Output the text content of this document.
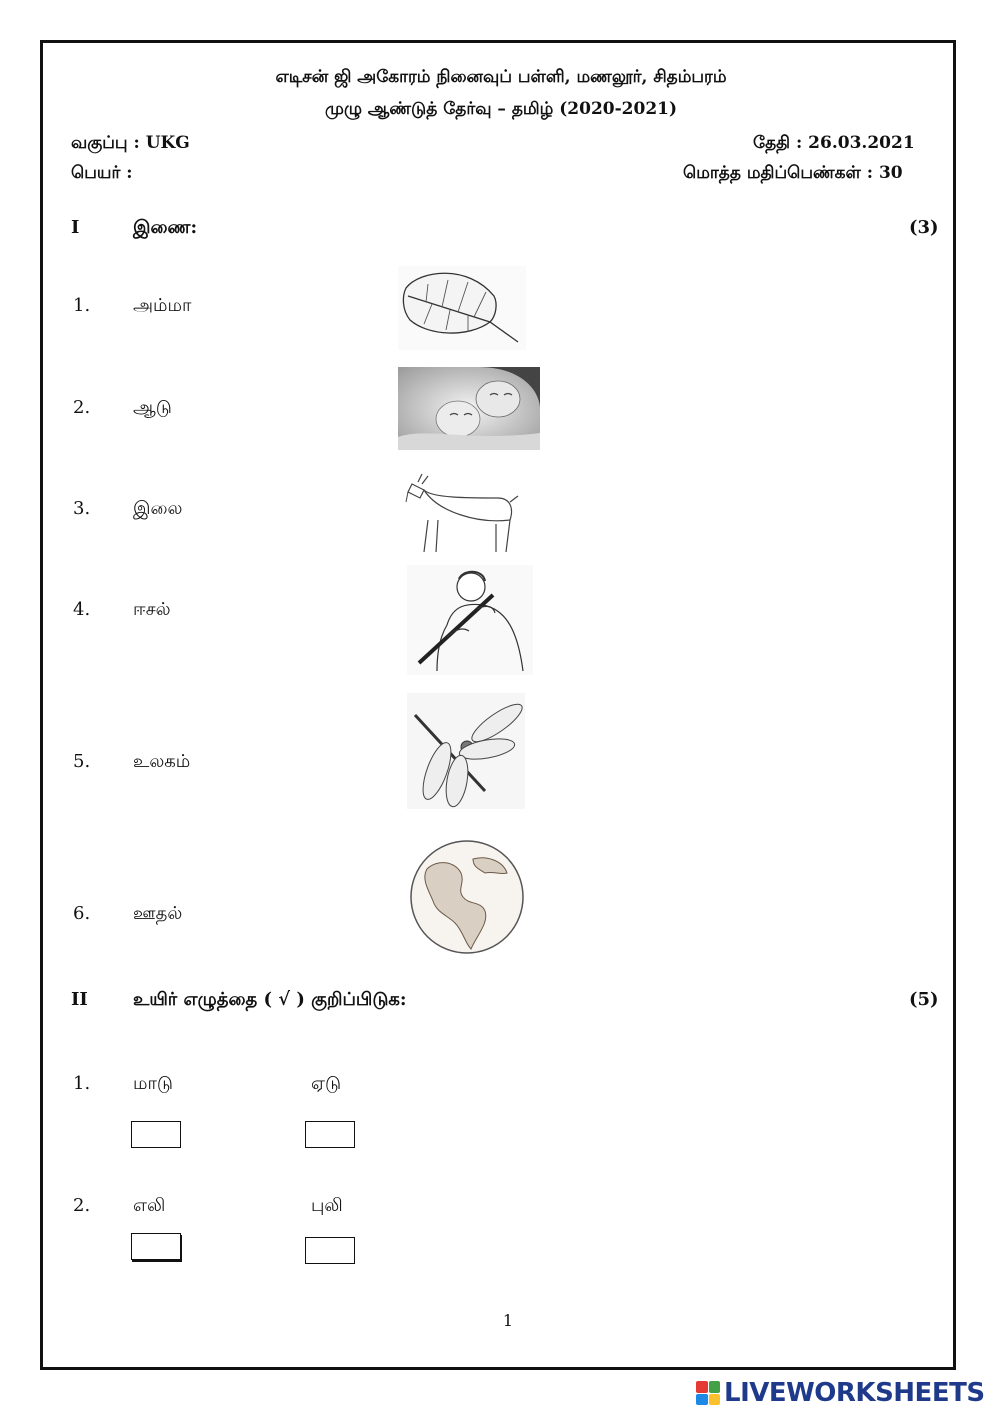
எடிசன் ஜி அகோரம் நினைவுப் பள்ளி, மணலூர், சிதம்பரம்
முழு ஆண்டுத் தேர்வு – தமிழ் (2020-2021)
வகுப்பு : UKG	தேதி : 26.03.2021
பெயர் :	மொத்த மதிப்பெண்கள் : 30
I	இணை:	(3)
1. அம்மா
2. ஆடு
3. இலை
4. ஈசல்
5. உலகம்
6. ஊதல்
II	உயிர் எழுத்தை ( √ ) குறிப்பிடுக:	(5)
1. மாடு	ஏடு
2. எலி	புலி
1
LIVEWORKSHEETS
